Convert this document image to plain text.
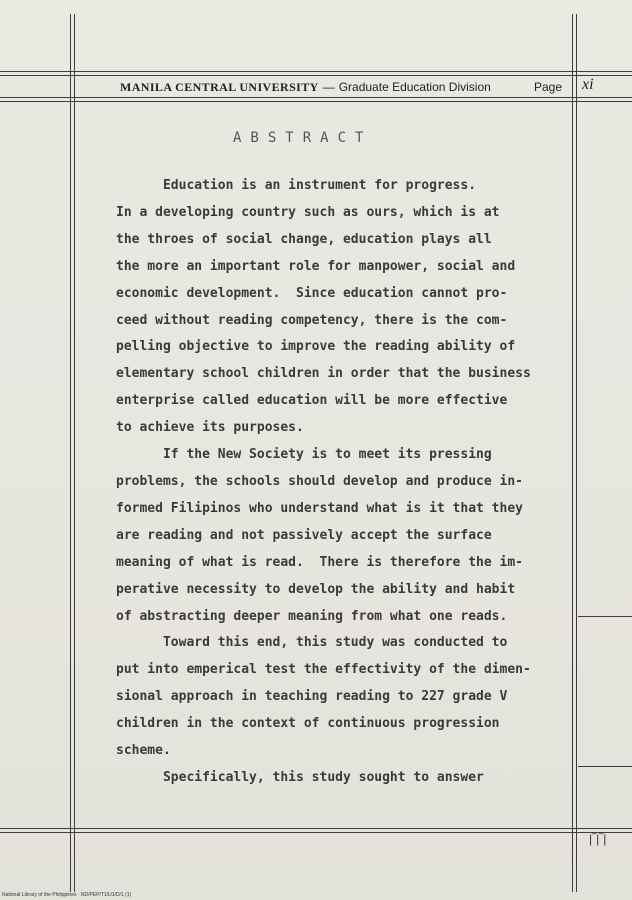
MANILA CENTRAL UNIVERSITY — Graduate Education Division	Page xi
ABSTRACT
Education is an instrument for progress.
In a developing country such as ours, which is at
the throes of social change, education plays all
the more an important role for manpower, social and
economic development.  Since education cannot pro-
ceed without reading competency, there is the com-
pelling objective to improve the reading ability of
elementary school children in order that the business
enterprise called education will be more effective
to achieve its purposes.
If the New Society is to meet its pressing
problems, the schools should develop and produce in-
formed Filipinos who understand what is it that they
are reading and not passively accept the surface
meaning of what is read.  There is therefore the im-
perative necessity to develop the ability and habit
of abstracting deeper meaning from what one reads.
Toward this end, this study was conducted to
put into emperical test the effectivity of the dimen-
sional approach in teaching reading to 227 grade V
children in the context of continuous progression
scheme.
Specifically, this study sought to answer
|‾|‾|
National Library of the Philippines · ND/PEP/T1/U1/D/1 (1)
